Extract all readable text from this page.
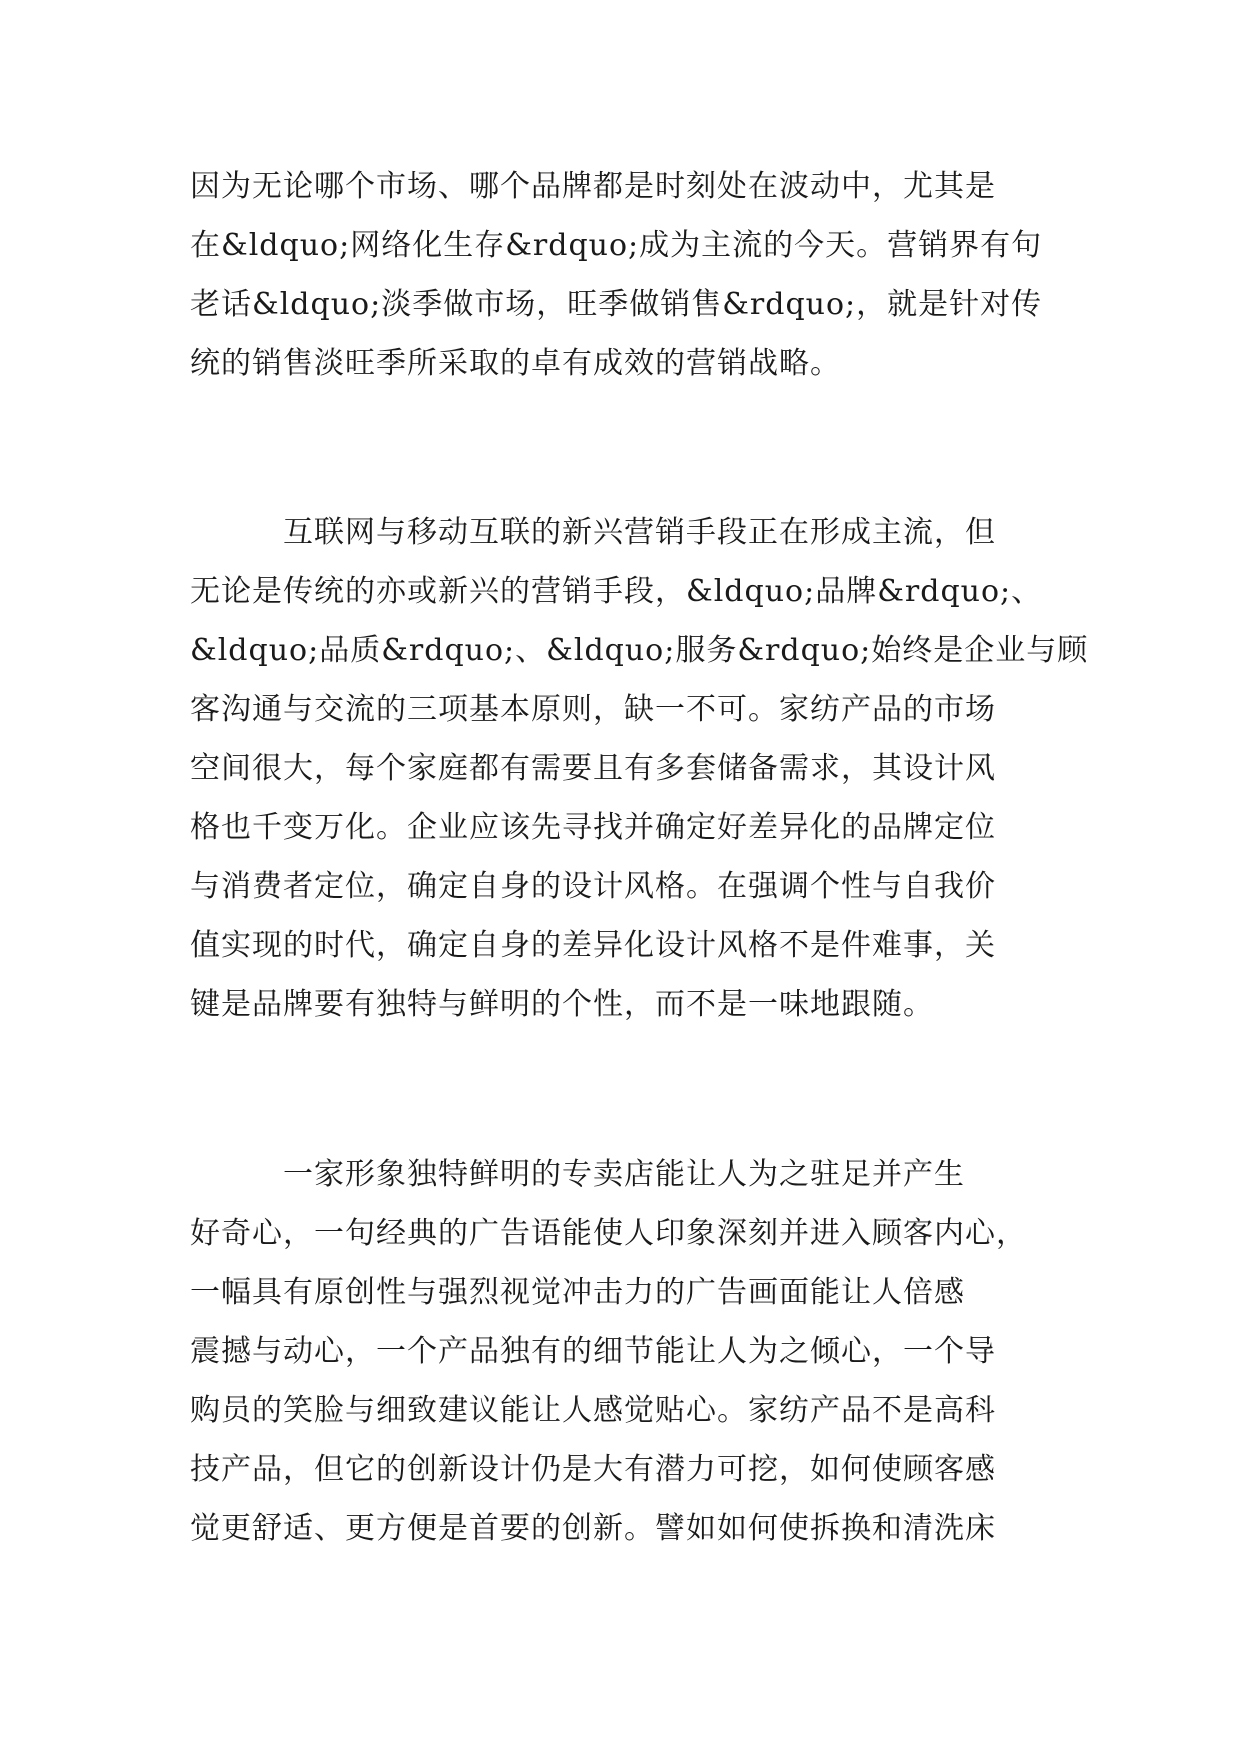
因为无论哪个市场、哪个品牌都是时刻处在波动中，尤其是
在&ldquo;网络化生存&rdquo;成为主流的今天。营销界有句
老话&ldquo;淡季做市场，旺季做销售&rdquo;，就是针对传
统的销售淡旺季所采取的卓有成效的营销战略。
　　　互联网与移动互联的新兴营销手段正在形成主流，但
无论是传统的亦或新兴的营销手段，&ldquo;品牌&rdquo;、
&ldquo;品质&rdquo;、&ldquo;服务&rdquo;始终是企业与顾
客沟通与交流的三项基本原则，缺一不可。家纺产品的市场
空间很大，每个家庭都有需要且有多套储备需求，其设计风
格也千变万化。企业应该先寻找并确定好差异化的品牌定位
与消费者定位，确定自身的设计风格。在强调个性与自我价
值实现的时代，确定自身的差异化设计风格不是件难事，关
键是品牌要有独特与鲜明的个性，而不是一味地跟随。
　　　一家形象独特鲜明的专卖店能让人为之驻足并产生
好奇心，一句经典的广告语能使人印象深刻并进入顾客内心，
一幅具有原创性与强烈视觉冲击力的广告画面能让人倍感
震撼与动心，一个产品独有的细节能让人为之倾心，一个导
购员的笑脸与细致建议能让人感觉贴心。家纺产品不是高科
技产品，但它的创新设计仍是大有潜力可挖，如何使顾客感
觉更舒适、更方便是首要的创新。譬如如何使拆换和清洗床
